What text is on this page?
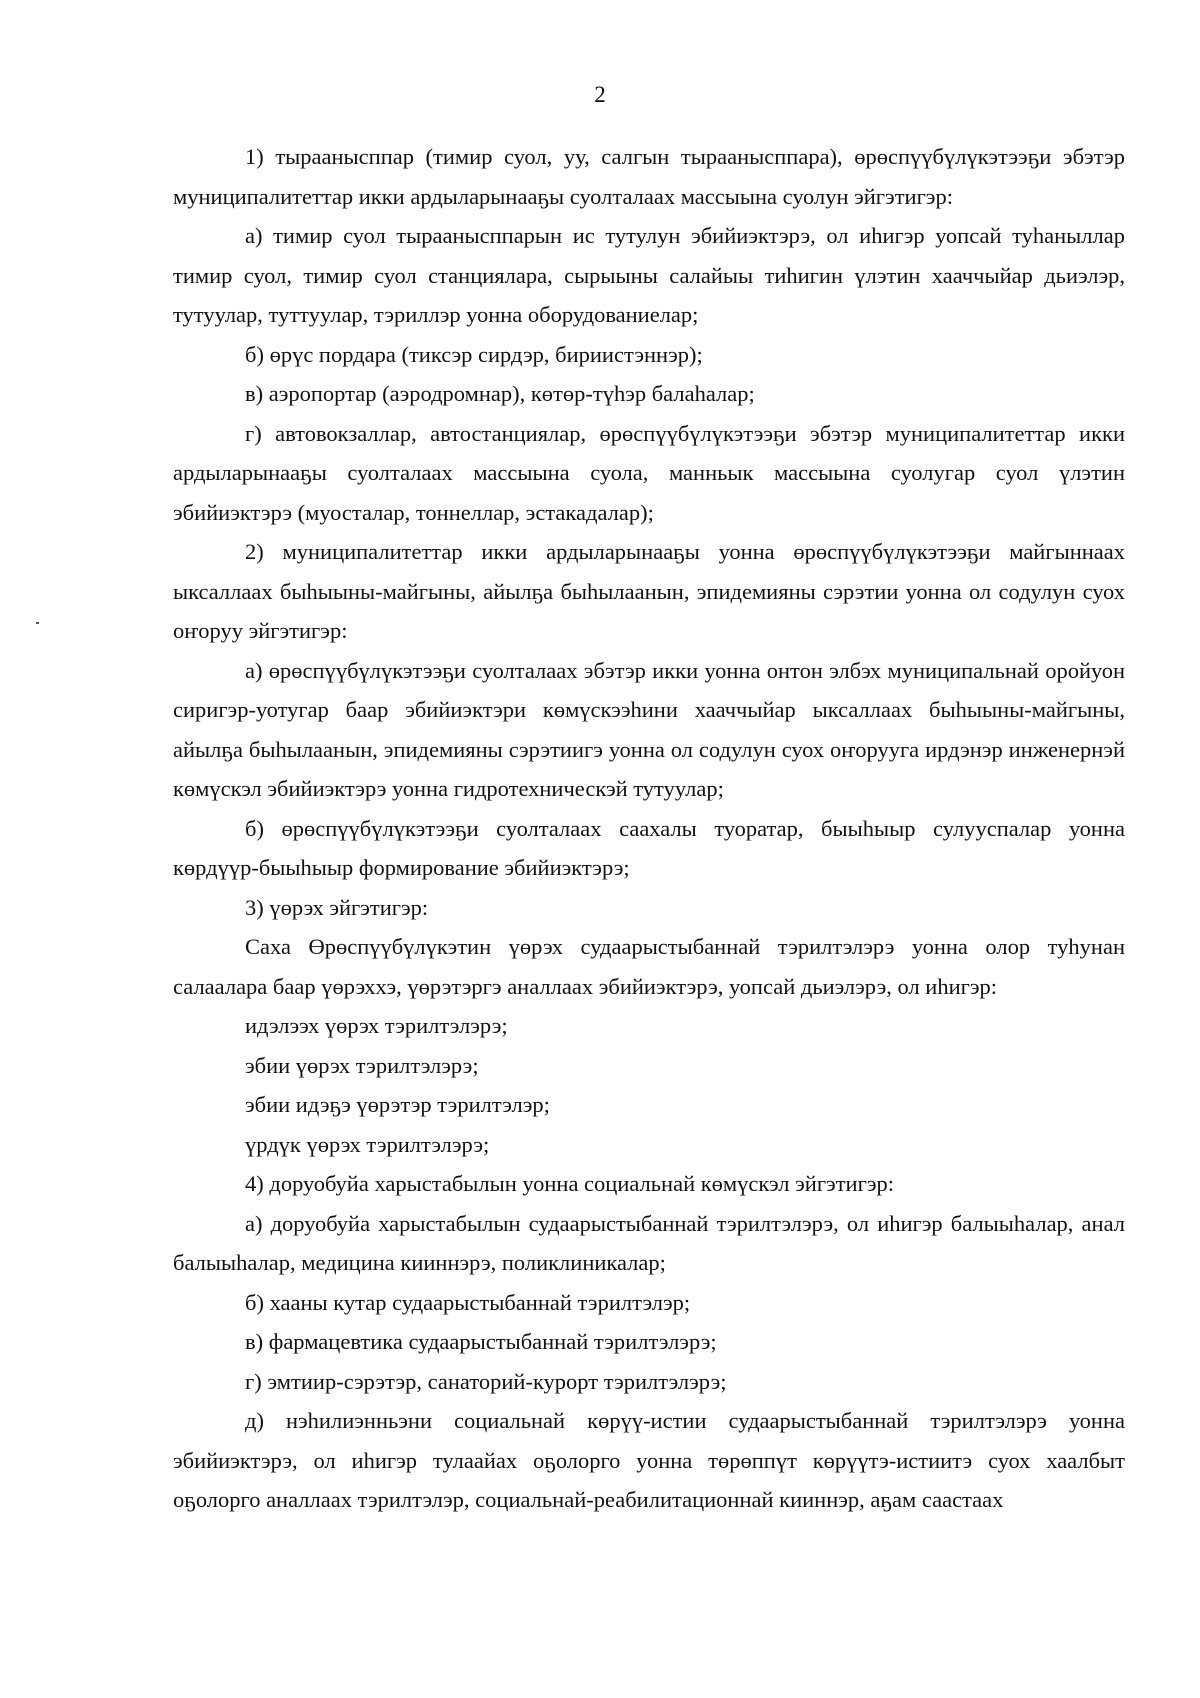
2

1) тыраанысппар (тимир суол, уу, салгын тыраанысппара), өрөспүүбүлүкэтээҕи эбэтэр муниципалитеттар икки ардыларынааҕы суолталаах массыына суолун эйгэтигэр:

а) тимир суол тыраанысппарын ис тутулун эбийиэктэрэ, ол иһигэр уопсай туһаныллар тимир суол, тимир суол станциялара, сырыыны салайыы тиһигин үлэтин хааччыйар дьиэлэр, тутуулар, туттуулар, тэриллэр уонна оборудованиелар;

б) өрүс пордара (тиксэр сирдэр, бириистэннэр);

в) аэропортар (аэродромнар), көтөр-түһэр балаһалар;

г) автовокзаллар, автостанциялар, өрөспүүбүлүкэтээҕи эбэтэр муниципалитеттар икки ардыларынааҕы суолталаах массыына суола, манньык массыына суолугар суол үлэтин эбийиэктэрэ (муосталар, тоннеллар, эстакадалар);

2) муниципалитеттар икки ардыларынааҕы уонна өрөспүүбүлүкэтээҕи майгыннаах ыксаллаах быһыыны-майгыны, айылҕа быһылаанын, эпидемияны сэрэтии уонна ол содулун суох оҥоруу эйгэтигэр:

а) өрөспүүбүлүкэтээҕи суолталаах эбэтэр икки уонна онтон элбэх муниципальнай оройуон сиригэр-уотугар баар эбийиэктэри көмүскээһини хааччыйар ыксаллаах быһыыны-майгыны, айылҕа быһылаанын, эпидемияны сэрэтиигэ уонна ол содулун суох оҥорууга ирдэнэр инженернэй көмүскэл эбийиэктэрэ уонна гидротехническэй тутуулар;

б) өрөспүүбүлүкэтээҕи суолталаах саахалы туоратар, быыһыыр сулууспалар уонна көрдүүр-быыһыыр формирование эбийиэктэрэ;

3) үөрэх эйгэтигэр:

Саха Өрөспүүбүлүкэтин үөрэх судаарыстыбаннай тэрилтэлэрэ уонна олор туһунан салаалара баар үөрэххэ, үөрэтэргэ аналлаах эбийиэктэрэ, уопсай дьиэлэрэ, ол иһигэр:

идэлээх үөрэх тэрилтэлэрэ;

эбии үөрэх тэрилтэлэрэ;

эбии идэҕэ үөрэтэр тэрилтэлэр;

үрдүк үөрэх тэрилтэлэрэ;

4) доруобуйа харыстабылын уонна социальнай көмүскэл эйгэтигэр:

а) доруобуйа харыстабылын судаарыстыбаннай тэрилтэлэрэ, ол иһигэр балыыһалар, анал балыыһалар, медицина кииннэрэ, поликлиникалар;

б) хааны кутар судаарыстыбаннай тэрилтэлэр;

в) фармацевтика судаарыстыбаннай тэрилтэлэрэ;

г) эмтиир-сэрэтэр, санаторий-курорт тэрилтэлэрэ;

д) нэһилиэнньэни социальнай көрүү-истии судаарыстыбаннай тэрилтэлэрэ уонна эбийиэктэрэ, ол иһигэр тулаайах оҕолорго уонна төрөппүт көрүүтэ-истиитэ суох хаалбыт оҕолорго аналлаах тэрилтэлэр, социальнай-реабилитационнай кииннэр, аҕам саастаах
